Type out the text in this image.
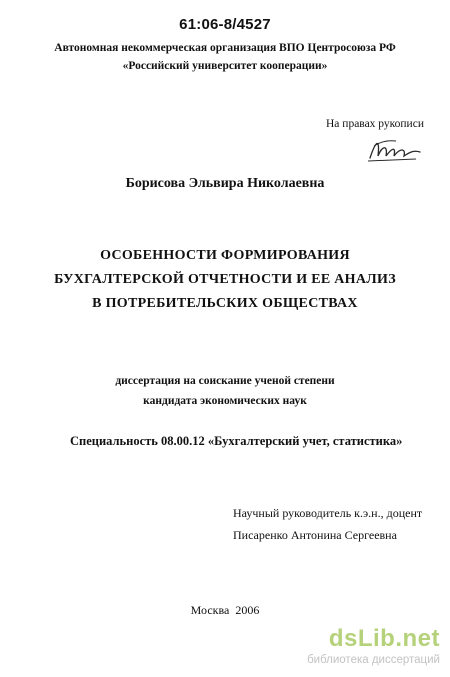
61:06-8/4527
Автономная некоммерческая организация ВПО Центросоюза РФ
«Российский университет кооперации»
На правах рукописи
Борисова Эльвира Николаевна
ОСОБЕННОСТИ ФОРМИРОВАНИЯ
БУХГАЛТЕРСКОЙ ОТЧЕТНОСТИ И ЕЕ АНАЛИЗ
В ПОТРЕБИТЕЛЬСКИХ ОБЩЕСТВАХ
диссертация на соискание ученой степени
кандидата экономических наук
Специальность 08.00.12 «Бухгалтерский учет, статистика»
Научный руководитель к.э.н., доцент
Писаренко Антонина Сергеевна
Москва  2006
dsLib.net
библиотека диссертаций
